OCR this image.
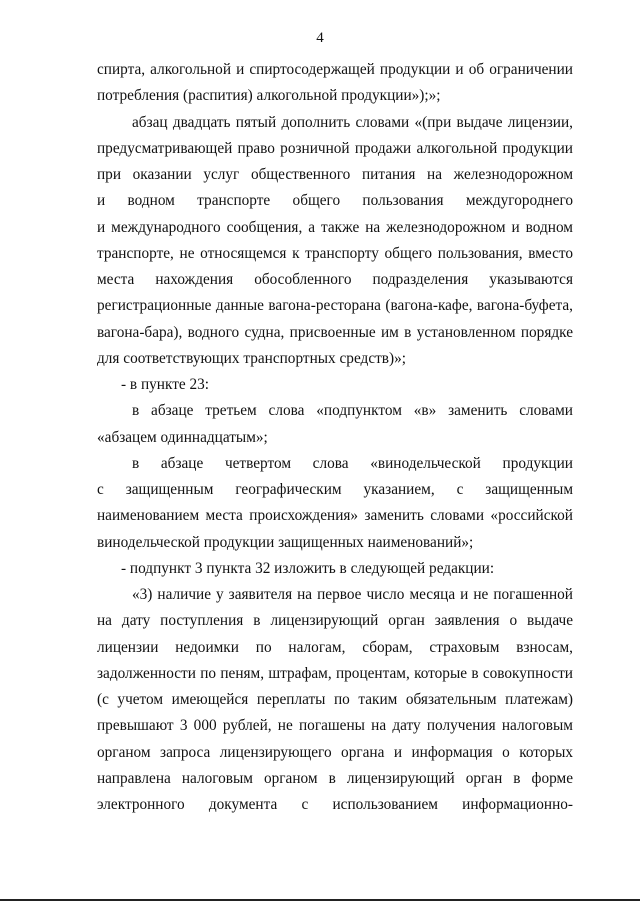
4
спирта, алкогольной и спиртосодержащей продукции и об ограничении
потребления (распития) алкогольной продукции»);»;
абзац двадцать пятый дополнить словами «(при выдаче лицензии,
предусматривающей право розничной продажи алкогольной продукции
при оказании услуг общественного питания на железнодорожном
и водном транспорте общего пользования междугороднего
и международного сообщения, а также на железнодорожном и водном
транспорте, не относящемся к транспорту общего пользования, вместо
места нахождения обособленного подразделения указываются
регистрационные данные вагона-ресторана (вагона-кафе, вагона-буфета,
вагона-бара), водного судна, присвоенные им в установленном порядке
для соответствующих транспортных средств)»;
- в пункте 23:
в абзаце третьем слова «подпунктом «в» заменить словами
«абзацем одиннадцатым»;
в абзаце четвертом слова «винодельческой продукции
с защищенным географическим указанием, с защищенным
наименованием места происхождения» заменить словами «российской
винодельческой продукции защищенных наименований»;
- подпункт 3 пункта 32 изложить в следующей редакции:
«3) наличие у заявителя на первое число месяца и не погашенной
на дату поступления в лицензирующий орган заявления о выдаче
лицензии недоимки по налогам, сборам, страховым взносам,
задолженности по пеням, штрафам, процентам, которые в совокупности
(с учетом имеющейся переплаты по таким обязательным платежам)
превышают 3 000 рублей, не погашены на дату получения налоговым
органом запроса лицензирующего органа и информация о которых
направлена налоговым органом в лицензирующий орган в форме
электронного документа с использованием информационно-
